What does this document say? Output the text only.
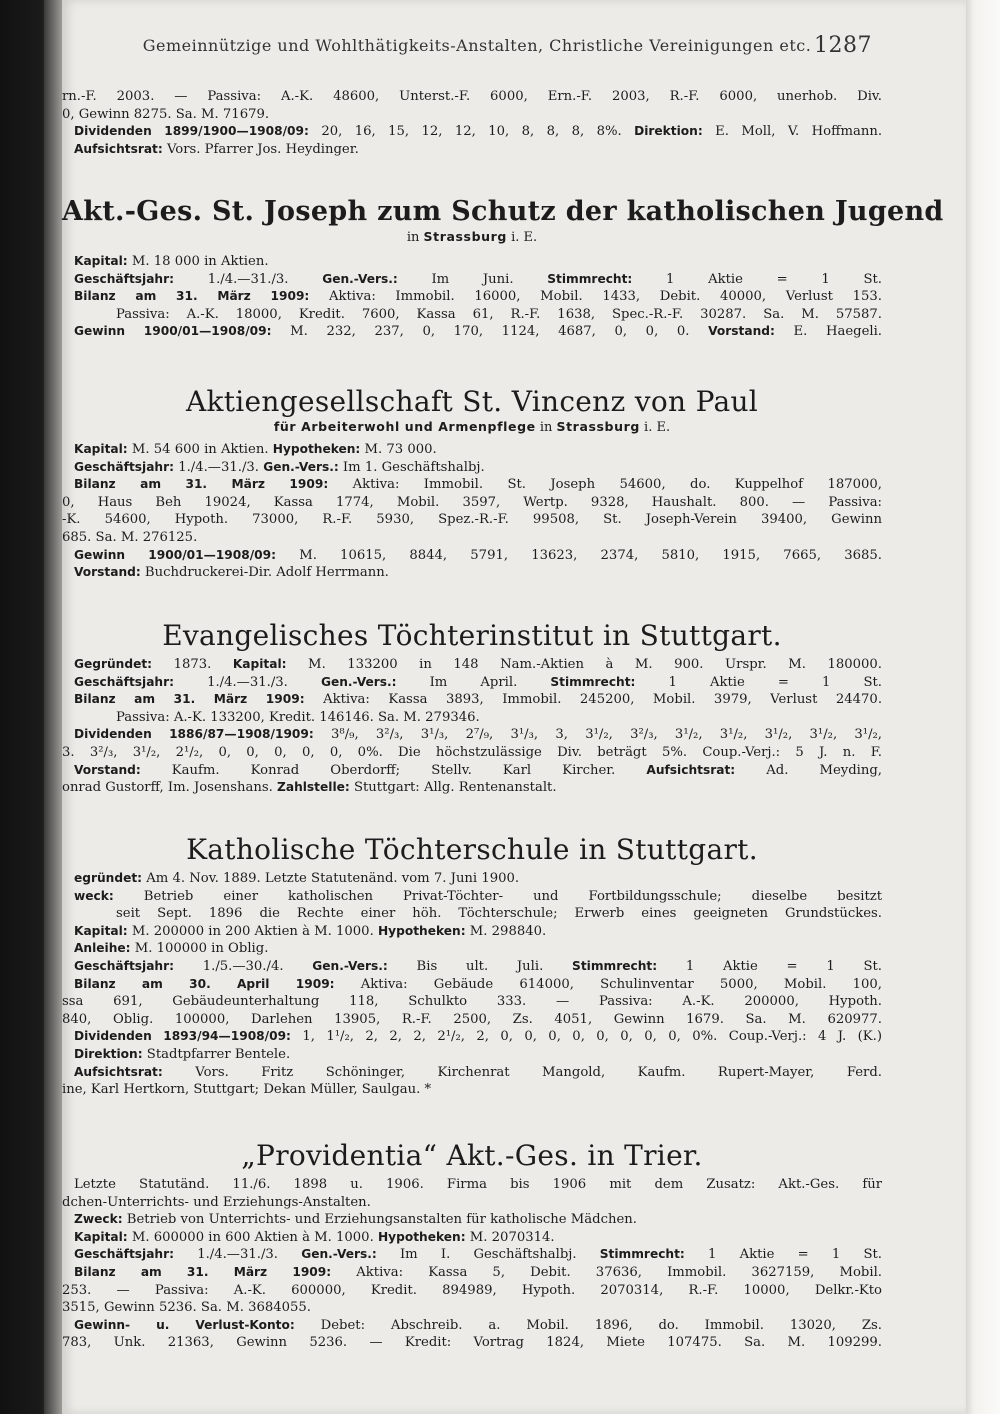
Gemeinnützige und Wohlthätigkeits-Anstalten, Christliche Vereinigungen etc. 1287
rn.-F. 2003. — Passiva: A.-K. 48600, Unterst.-F. 6000, Ern.-F. 2003, R.-F. 6000, unerhob. Div.
0, Gewinn 8275. Sa. M. 71679.
Dividenden 1899/1900—1908/09: 20, 16, 15, 12, 12, 10, 8, 8, 8, 8%. Direktion: E. Moll, V. Hoffmann.
Aufsichtsrat: Vors. Pfarrer Jos. Heydinger.
Akt.-Ges. St. Joseph zum Schutz der katholischen Jugend
in Strassburg i. E.
Kapital: M. 18 000 in Aktien.
Geschäftsjahr: 1./4.—31./3. Gen.-Vers.: Im Juni. Stimmrecht: 1 Aktie = 1 St.
Bilanz am 31. März 1909: Aktiva: Immobil. 16000, Mobil. 1433, Debit. 40000, Verlust 153.
Passiva: A.-K. 18000, Kredit. 7600, Kassa 61, R.-F. 1638, Spec.-R.-F. 30287. Sa. M. 57587.
Gewinn 1900/01—1908/09: M. 232, 237, 0, 170, 1124, 4687, 0, 0, 0. Vorstand: E. Haegeli.
Aktiengesellschaft St. Vincenz von Paul
für Arbeiterwohl und Armenpflege in Strassburg i. E.
Kapital: M. 54 600 in Aktien. Hypotheken: M. 73 000.
Geschäftsjahr: 1./4.—31./3. Gen.-Vers.: Im 1. Geschäftshalbj.
Bilanz am 31. März 1909: Aktiva: Immobil. St. Joseph 54600, do. Kuppelhof 187000,
0, Haus Beh 19024, Kassa 1774, Mobil. 3597, Wertp. 9328, Haushalt. 800. — Passiva:
-K. 54600, Hypoth. 73000, R.-F. 5930, Spez.-R.-F. 99508, St. Joseph-Verein 39400, Gewinn
685. Sa. M. 276125.
Gewinn 1900/01—1908/09: M. 10615, 8844, 5791, 13623, 2374, 5810, 1915, 7665, 3685.
Vorstand: Buchdruckerei-Dir. Adolf Herrmann.
Evangelisches Töchterinstitut in Stuttgart.
Gegründet: 1873. Kapital: M. 133200 in 148 Nam.-Aktien à M. 900. Urspr. M. 180000.
Geschäftsjahr: 1./4.—31./3. Gen.-Vers.: Im April. Stimmrecht: 1 Aktie = 1 St.
Bilanz am 31. März 1909: Aktiva: Kassa 3893, Immobil. 245200, Mobil. 3979, Verlust 24470.
Passiva: A.-K. 133200, Kredit. 146146. Sa. M. 279346.
Dividenden 1886/87—1908/1909: 3⁸/₉, 3²/₃, 3¹/₃, 2⁷/₉, 3¹/₃, 3, 3¹/₂, 3²/₃, 3¹/₂, 3¹/₂, 3¹/₂, 3¹/₂, 3¹/₂,
3. 3²/₃, 3¹/₂, 2¹/₂, 0, 0, 0, 0, 0, 0%. Die höchstzulässige Div. beträgt 5%. Coup.-Verj.: 5 J. n. F.
Vorstand: Kaufm. Konrad Oberdorff; Stellv. Karl Kircher. Aufsichtsrat: Ad. Meyding,
onrad Gustorff, Im. Josenshans. Zahlstelle: Stuttgart: Allg. Rentenanstalt.
Katholische Töchterschule in Stuttgart.
egründet: Am 4. Nov. 1889. Letzte Statutenänd. vom 7. Juni 1900.
weck: Betrieb einer katholischen Privat-Töchter- und Fortbildungsschule; dieselbe besitzt
seit Sept. 1896 die Rechte einer höh. Töchterschule; Erwerb eines geeigneten Grundstückes.
Kapital: M. 200000 in 200 Aktien à M. 1000. Hypotheken: M. 298840.
Anleihe: M. 100000 in Oblig.
Geschäftsjahr: 1./5.—30./4. Gen.-Vers.: Bis ult. Juli. Stimmrecht: 1 Aktie = 1 St.
Bilanz am 30. April 1909: Aktiva: Gebäude 614000, Schulinventar 5000, Mobil. 100,
ssa 691, Gebäudeunterhaltung 118, Schulkto 333. — Passiva: A.-K. 200000, Hypoth.
840, Oblig. 100000, Darlehen 13905, R.-F. 2500, Zs. 4051, Gewinn 1679. Sa. M. 620977.
Dividenden 1893/94—1908/09: 1, 1¹/₂, 2, 2, 2, 2¹/₂, 2, 0, 0, 0, 0, 0, 0, 0, 0, 0%. Coup.-Verj.: 4 J. (K.)
Direktion: Stadtpfarrer Bentele.
Aufsichtsrat: Vors. Fritz Schöninger, Kirchenrat Mangold, Kaufm. Rupert-Mayer, Ferd.
ine, Karl Hertkorn, Stuttgart; Dekan Müller, Saulgau. *
„Providentia“ Akt.-Ges. in Trier.
Letzte Statutänd. 11./6. 1898 u. 1906. Firma bis 1906 mit dem Zusatz: Akt.-Ges. für
dchen-Unterrichts- und Erziehungs-Anstalten.
Zweck: Betrieb von Unterrichts- und Erziehungsanstalten für katholische Mädchen.
Kapital: M. 600000 in 600 Aktien à M. 1000. Hypotheken: M. 2070314.
Geschäftsjahr: 1./4.—31./3. Gen.-Vers.: Im I. Geschäftshalbj. Stimmrecht: 1 Aktie = 1 St.
Bilanz am 31. März 1909: Aktiva: Kassa 5, Debit. 37636, Immobil. 3627159, Mobil.
253. — Passiva: A.-K. 600000, Kredit. 894989, Hypoth. 2070314, R.-F. 10000, Delkr.-Kto
3515, Gewinn 5236. Sa. M. 3684055.
Gewinn- u. Verlust-Konto: Debet: Abschreib. a. Mobil. 1896, do. Immobil. 13020, Zs.
783, Unk. 21363, Gewinn 5236. — Kredit: Vortrag 1824, Miete 107475. Sa. M. 109299.
